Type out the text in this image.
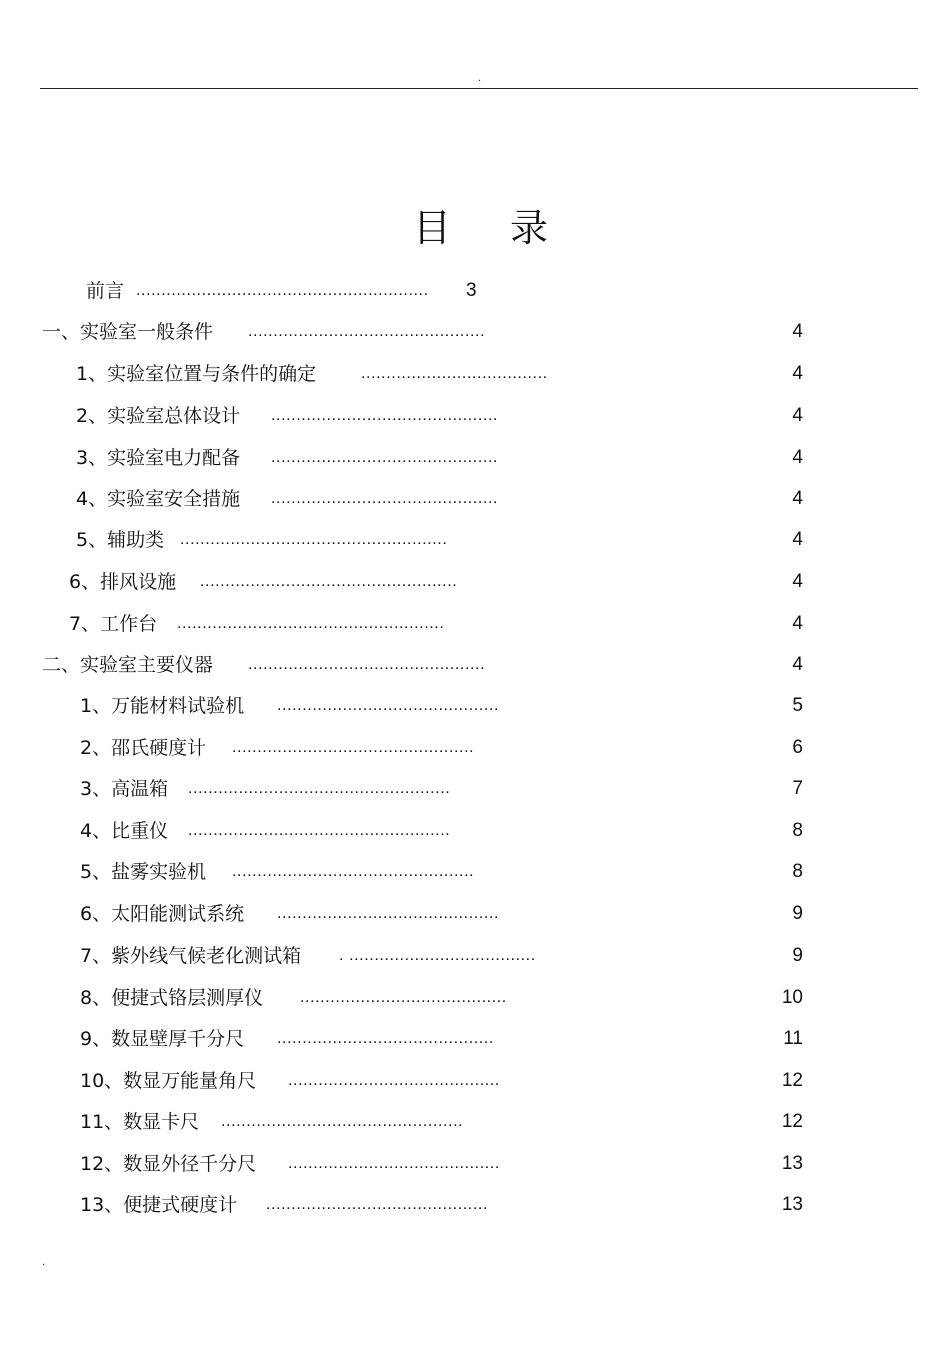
.
目录
前言 ..........................................................	3
一、实验室一般条件 ...............................................	4
1、实验室位置与条件的确定	.....................................	4
2、实验室总体设计 .............................................	4
3、实验室电力配备 .............................................	4
4、实验室安全措施 .............................................	4
5、辅助类 .....................................................	4
6、排风设施 ...................................................	4
7、工作台 .....................................................	4
二、实验室主要仪器 ...............................................	4
1、万能材料试验机 ............................................	5
2、邵氏硬度计 ................................................	6
3、高温箱 ....................................................	7
4、比重仪 ....................................................	8
5、盐雾实验机 ................................................	8
6、太阳能测试系统 ............................................	9
7、紫外线气候老化测试箱 . .....................................	9
8、便捷式铬层测厚仪 .........................................	10
9、数显壁厚千分尺 ...........................................	11
10、数显万能量角尺 ..........................................	12
11、数显卡尺 ................................................	12
12、数显外径千分尺 ..........................................	13
13、便捷式硬度计 ............................................	13
.
